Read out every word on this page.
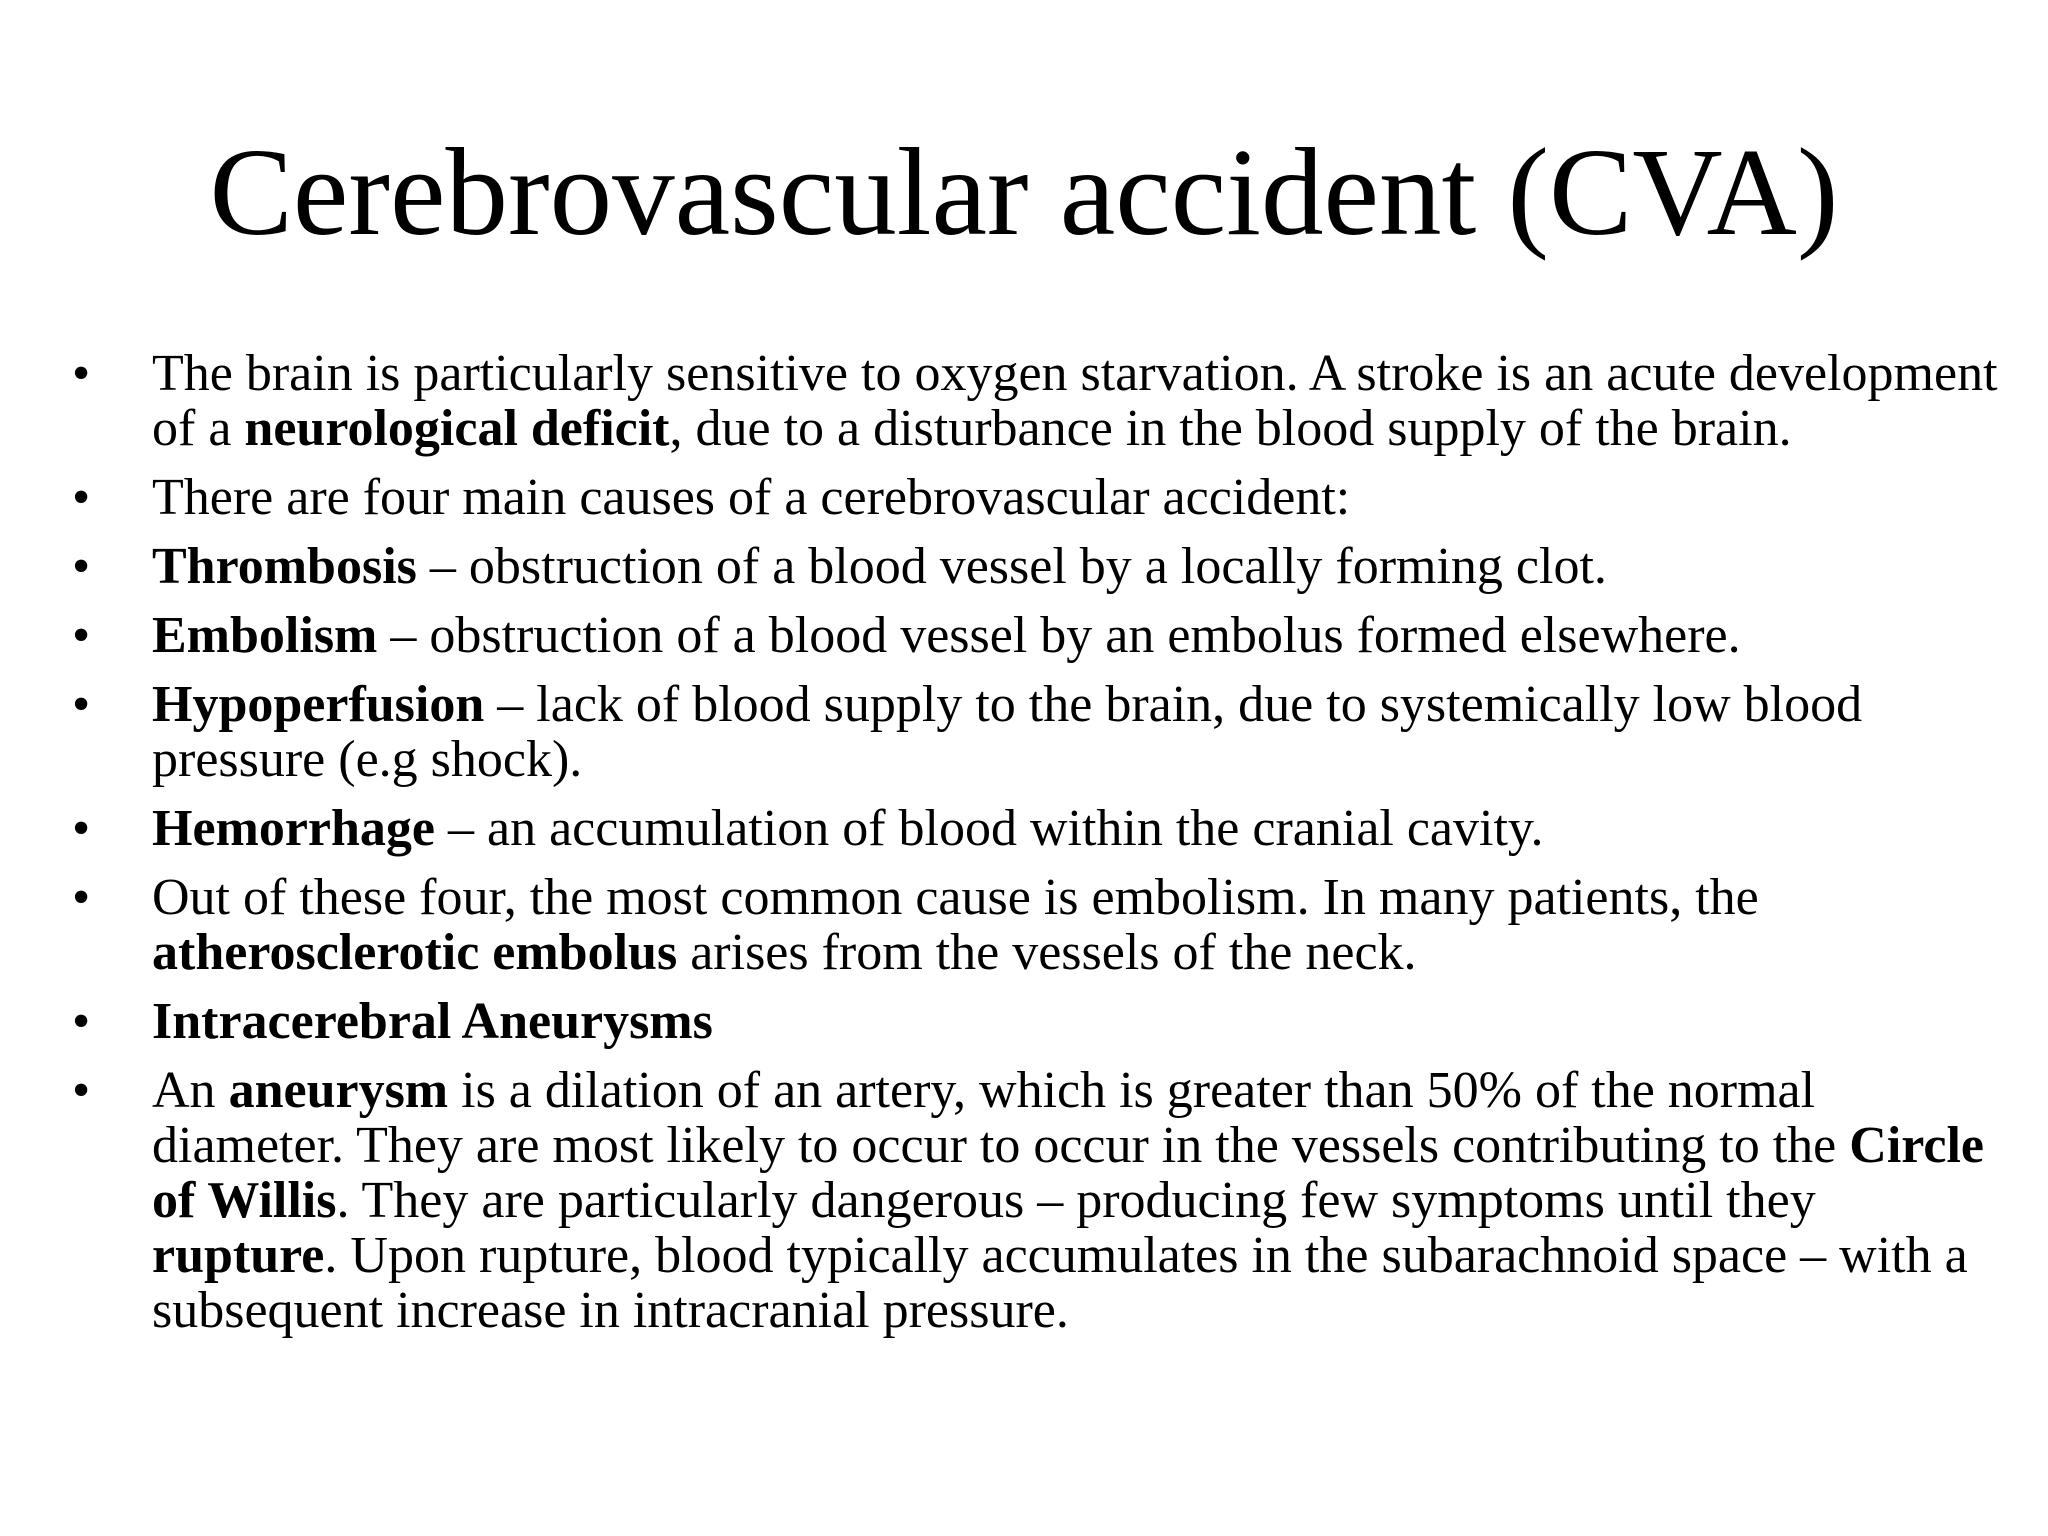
Cerebrovascular accident (CVA)
•	The brain is particularly sensitive to oxygen starvation. A stroke is an acute development of a neurological deficit, due to a disturbance in the blood supply of the brain.
•	There are four main causes of a cerebrovascular accident:
•	Thrombosis – obstruction of a blood vessel by a locally forming clot.
•	Embolism – obstruction of a blood vessel by an embolus formed elsewhere.
•	Hypoperfusion – lack of blood supply to the brain, due to systemically low blood pressure (e.g shock).
•	Hemorrhage – an accumulation of blood within the cranial cavity.
•	Out of these four, the most common cause is embolism. In many patients, the atherosclerotic embolus arises from the vessels of the neck.
•	Intracerebral Aneurysms
•	An aneurysm is a dilation of an artery, which is greater than 50% of the normal diameter. They are most likely to occur to occur in the vessels contributing to the Circle of Willis. They are particularly dangerous – producing few symptoms until they rupture. Upon rupture, blood typically accumulates in the subarachnoid space – with a subsequent increase in intracranial pressure.
